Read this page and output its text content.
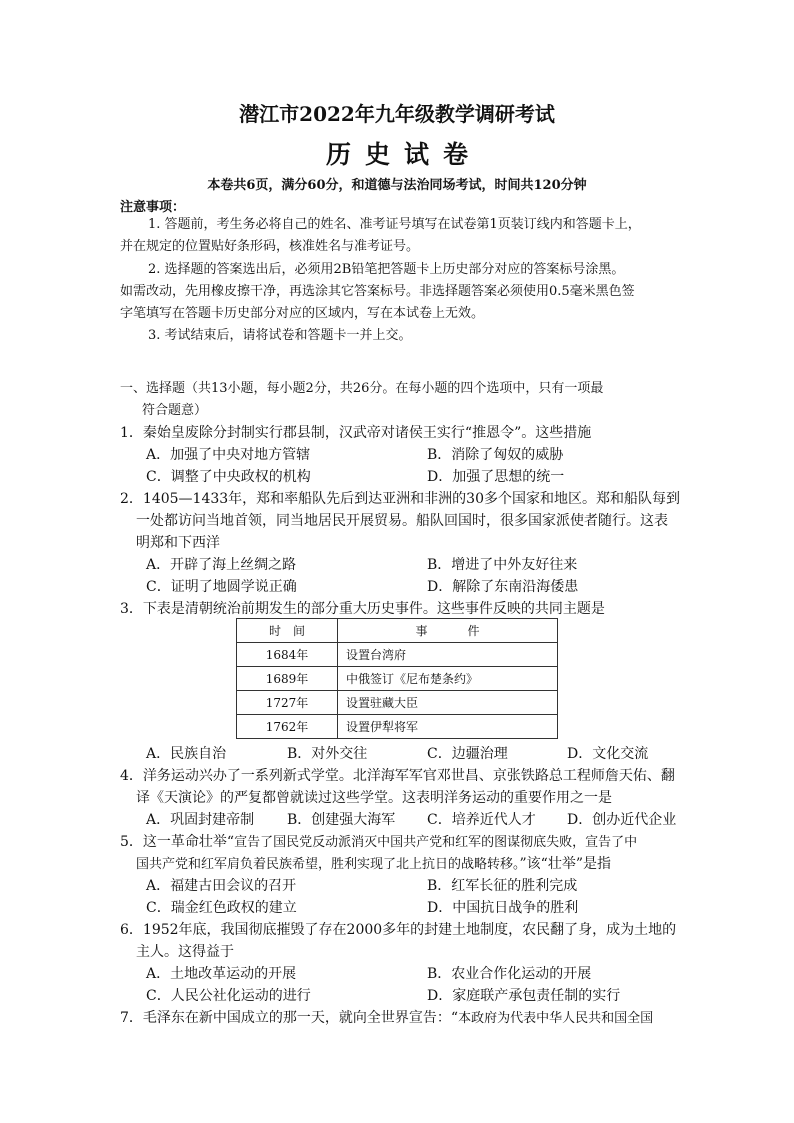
潜江市2022年九年级教学调研考试
历史试卷
本卷共6页，满分60分，和道德与法治同场考试，时间共120分钟
注意事项：
1. 答题前，考生务必将自己的姓名、准考证号填写在试卷第1页装订线内和答题卡上，
并在规定的位置贴好条形码，核准姓名与准考证号。
2. 选择题的答案选出后，必须用2B铅笔把答题卡上历史部分对应的答案标号涂黑。
如需改动，先用橡皮擦干净，再选涂其它答案标号。非选择题答案必须使用0.5毫米黑色签
字笔填写在答题卡历史部分对应的区域内，写在本试卷上无效。
3. 考试结束后，请将试卷和答题卡一并上交。
一、选择题（共13小题，每小题2分，共26分。在每小题的四个选项中，只有一项最
符合题意）
1．秦始皇废除分封制实行郡县制，汉武帝对诸侯王实行“推恩令”。这些措施
A．加强了中央对地方管辖	B．消除了匈奴的威胁
C．调整了中央政权的机构	D．加强了思想的统一
2．1405—1433年，郑和率船队先后到达亚洲和非洲的30多个国家和地区。郑和船队每到
一处都访问当地首领，同当地居民开展贸易。船队回国时，很多国家派使者随行。这表
明郑和下西洋
A．开辟了海上丝绸之路	B．增进了中外友好往来
C．证明了地圆学说正确	D．解除了东南沿海倭患
3．下表是清朝统治前期发生的部分重大历史事件。这些事件反映的共同主题是
时　间	事件
1684年	设置台湾府
1689年	中俄签订《尼布楚条约》
1727年	设置驻藏大臣
1762年	设置伊犁将军
A．民族自治	B．对外交往	C．边疆治理	D．文化交流
4．洋务运动兴办了一系列新式学堂。北洋海军军官邓世昌、京张铁路总工程师詹天佑、翻
译《天演论》的严复都曾就读过这些学堂。这表明洋务运动的重要作用之一是
A．巩固封建帝制 B．创建强大海军 C．培养近代人才 D．创办近代企业
5．这一革命壮举“宣告了国民党反动派消灭中国共产党和红军的图谋彻底失败，宣告了中
国共产党和红军肩负着民族希望，胜利实现了北上抗日的战略转移。”该“壮举”是指
A．福建古田会议的召开	B．红军长征的胜利完成
C．瑞金红色政权的建立	D．中国抗日战争的胜利
6．1952年底，我国彻底摧毁了存在2000多年的封建土地制度，农民翻了身，成为土地的
主人。这得益于
A．土地改革运动的开展	B．农业合作化运动的开展
C．人民公社化运动的进行	D．家庭联产承包责任制的实行
7．毛泽东在新中国成立的那一天，就向全世界宣告：“本政府为代表中华人民共和国全国
